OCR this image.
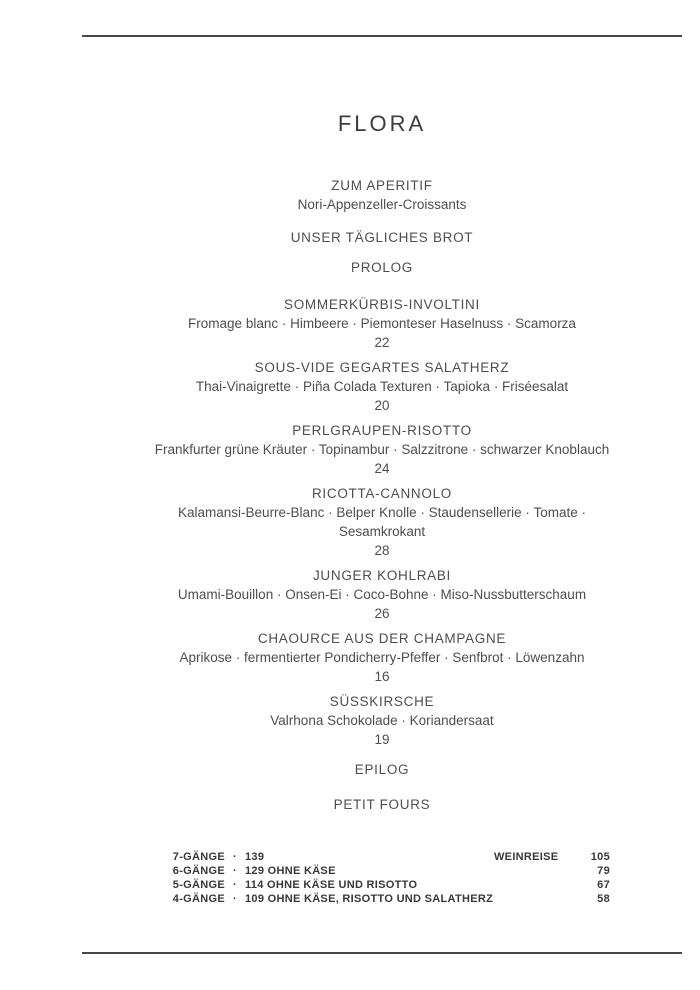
FLORA
ZUM APERITIF
Nori-Appenzeller-Croissants
UNSER TÄGLICHES BROT
PROLOG
SOMMERKÜRBIS-INVOLTINI
Fromage blanc · Himbeere · Piemonteser Haselnuss · Scamorza
22
SOUS-VIDE GEGARTES SALATHERZ
Thai-Vinaigrette · Piña Colada Texturen · Tapioka · Friséesalat
20
PERLGRAUPEN-RISOTTO
Frankfurter grüne Kräuter · Topinambur · Salzzitrone · schwarzer Knoblauch
24
RICOTTA-CANNOLO
Kalamansi-Beurre-Blanc · Belper Knolle · Staudensellerie · Tomate ·
Sesamkrokant
28
JUNGER KOHLRABI
Umami-Bouillon · Onsen-Ei · Coco-Bohne · Miso-Nussbutterschaum
26
CHAOURCE AUS DER CHAMPAGNE
Aprikose · fermentierter Pondicherry-Pfeffer · Senfbrot · Löwenzahn
16
SÜSSKIRSCHE
Valrhona Schokolade · Koriandersaat
19
EPILOG
PETIT FOURS
7-GÄNGE · 139	WEINREISE	105
6-GÄNGE · 129 OHNE KÄSE	79
5-GÄNGE · 114 OHNE KÄSE UND RISOTTO	67
4-GÄNGE · 109 OHNE KÄSE, RISOTTO UND SALATHERZ	58
